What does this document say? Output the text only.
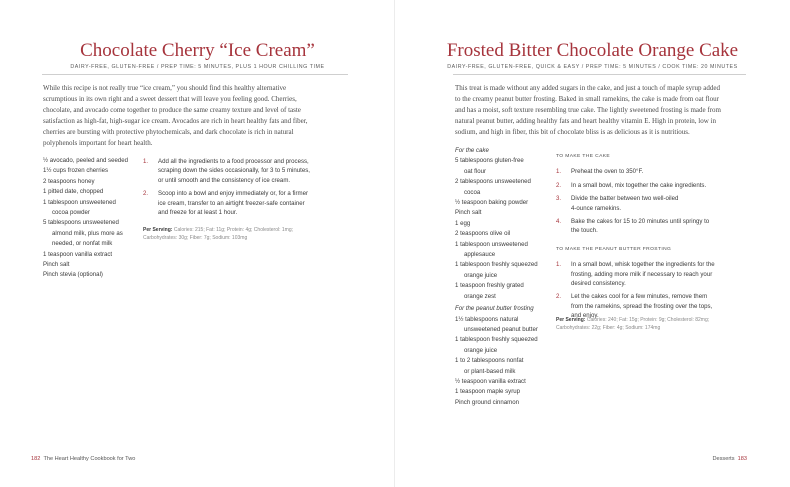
Chocolate Cherry “Ice Cream”
DAIRY-FREE, GLUTEN-FREE / PREP TIME: 5 MINUTES, PLUS 1 HOUR CHILLING TIME
While this recipe is not really true “ice cream,” you should find this healthy alternative
scrumptious in its own right and a sweet dessert that will leave you feeling good. Cherries,
chocolate, and avocado come together to produce the same creamy texture and level of taste
satisfaction as high-fat, high-sugar ice cream. Avocados are rich in heart healthy fats and fiber,
cherries are bursting with protective phytochemicals, and dark chocolate is rich in natural
polyphenols important for heart health.
½ avocado, peeled and seeded
1½ cups frozen cherries
2 teaspoons honey
1 pitted date, chopped
1 tablespoon unsweetened
cocoa powder
5 tablespoons unsweetened
almond milk, plus more as
needed, or nonfat milk
1 teaspoon vanilla extract
Pinch salt
Pinch stevia (optional)
1. Add all the ingredients to a food processor and process,
scraping down the sides occasionally, for 3 to 5 minutes,
or until smooth and the consistency of ice cream.
2. Scoop into a bowl and enjoy immediately or, for a firmer
ice cream, transfer to an airtight freezer-safe container
and freeze for at least 1 hour.
Per Serving: Calories: 215; Fat: 11g; Protein: 4g; Cholesterol: 1mg;
Carbohydrates: 30g; Fiber: 7g; Sodium: 103mg
182 The Heart Healthy Cookbook for Two
Frosted Bitter Chocolate Orange Cake
DAIRY-FREE, GLUTEN-FREE, QUICK & EASY / PREP TIME: 5 MINUTES / COOK TIME: 20 MINUTES
This treat is made without any added sugars in the cake, and just a touch of maple syrup added
to the creamy peanut butter frosting. Baked in small ramekins, the cake is made from oat flour
and has a moist, soft texture resembling true cake. The lightly sweetened frosting is made from
natural peanut butter, adding healthy fats and heart healthy vitamin E. High in protein, low in
sodium, and high in fiber, this bit of chocolate bliss is as delicious as it is nutritious.
For the cake
5 tablespoons gluten-free
oat flour
2 tablespoons unsweetened
cocoa
½ teaspoon baking powder
Pinch salt
1 egg
2 teaspoons olive oil
1 tablespoon unsweetened
applesauce
1 tablespoon freshly squeezed
orange juice
1 teaspoon freshly grated
orange zest
For the peanut butter frosting
1½ tablespoons natural
unsweetened peanut butter
1 tablespoon freshly squeezed
orange juice
1 to 2 tablespoons nonfat
or plant-based milk
½ teaspoon vanilla extract
1 teaspoon maple syrup
Pinch ground cinnamon
TO MAKE THE CAKE
1. Preheat the oven to 350°F.
2. In a small bowl, mix together the cake ingredients.
3. Divide the batter between two well-oiled
4-ounce ramekins.
4. Bake the cakes for 15 to 20 minutes until springy to
the touch.
TO MAKE THE PEANUT BUTTER FROSTING
1. In a small bowl, whisk together the ingredients for the
frosting, adding more milk if necessary to reach your
desired consistency.
2. Let the cakes cool for a few minutes, remove them
from the ramekins, spread the frosting over the tops,
and enjoy.
Per Serving: Calories: 240; Fat: 15g; Protein: 9g; Cholesterol: 82mg;
Carbohydrates: 22g; Fiber: 4g; Sodium: 174mg
Desserts 183
